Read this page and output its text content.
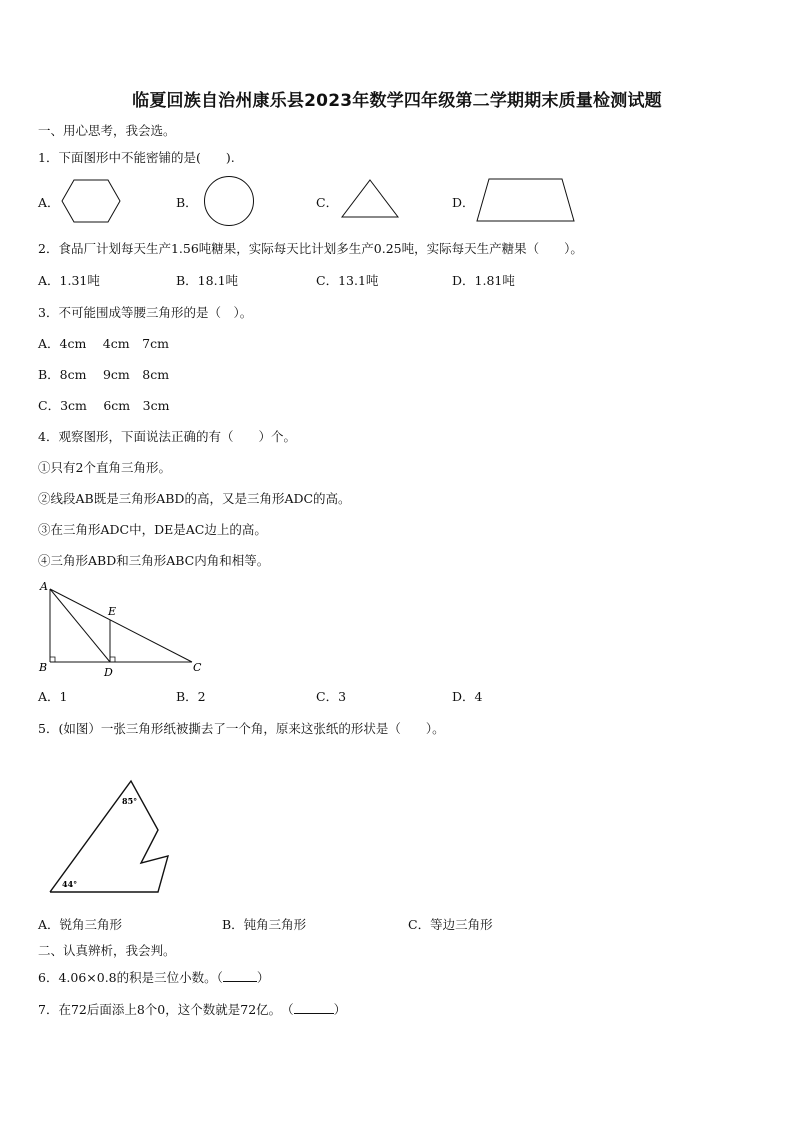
临夏回族自治州康乐县2023年数学四年级第二学期期末质量检测试题
一、用心思考，我会选。
1．下面图形中不能密铺的是(　　).
A．	B．	C．	D．
2．食品厂计划每天生产1.56吨糖果，实际每天比计划多生产0.25吨，实际每天生产糖果（　　）。
A．1.31吨	B．18.1吨	C．13.1吨	D．1.81吨
3．不可能围成等腰三角形的是（　）。
A．4cm　 4cm　7cm
B．8cm　 9cm　8cm
C．3cm　 6cm　3cm
4．观察图形，下面说法正确的有（　　）个。
①只有2个直角三角形。
②线段AB既是三角形ABD的高，又是三角形ADC的高。
③在三角形ADC中，DE是AC边上的高。
④三角形ABD和三角形ABC内角和相等。
A
E
B	D	C
A．1	B．2	C．3	D．4
5．(如图）一张三角形纸被撕去了一个角，原来这张纸的形状是（　　）。
85°
44°
A．锐角三角形	B．钝角三角形	C．等边三角形
二、认真辨析，我会判。
6．4.06×0.8的积是三位小数。（	）
7．在72后面添上8个0，这个数就是72亿。　（	）
